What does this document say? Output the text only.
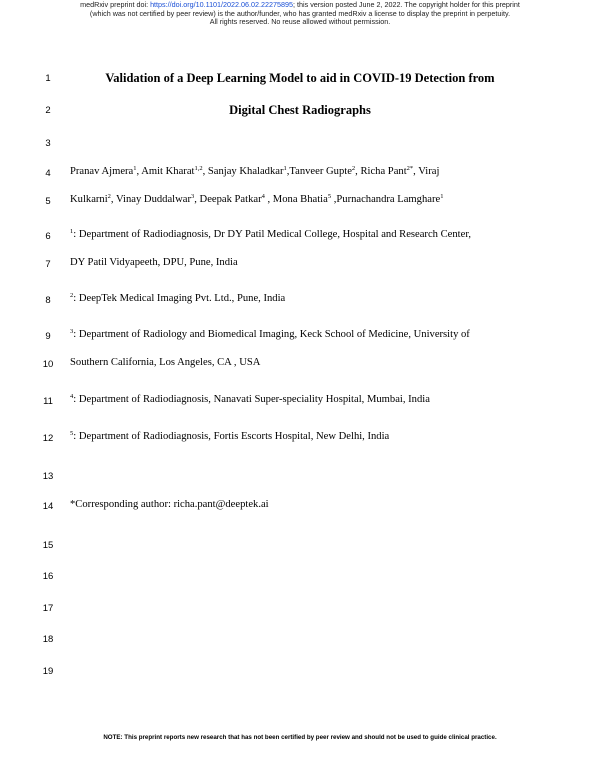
medRxiv preprint doi: https://doi.org/10.1101/2022.06.02.22275895; this version posted June 2, 2022. The copyright holder for this preprint
(which was not certified by peer review) is the author/funder, who has granted medRxiv a license to display the preprint in perpetuity.
All rights reserved. No reuse allowed without permission.
1
2
3
4
5
6
7
8
9
10
11
12
13
14
15
16
17
18
19
Validation of a Deep Learning Model to aid in COVID-19 Detection from
Digital Chest Radiographs
Pranav Ajmera$^1$, Amit Kharat$^{1,2}$, Sanjay Khaladkar$^1$,Tanveer Gupte$^2$, Richa Pant$^{2*}$, Viraj
Kulkarni$^2$, Vinay Duddalwar$^3$, Deepak Patkar$^4$ , Mona Bhatia$^5$ ,Purnachandra Lamghare$^1$
$^1$: Department of Radiodiagnosis, Dr DY Patil Medical College, Hospital and Research Center,
DY Patil Vidyapeeth, DPU, Pune, India
$^2$: DeepTek Medical Imaging Pvt. Ltd., Pune, India
$^3$: Department of Radiology and Biomedical Imaging, Keck School of Medicine, University of
Southern California, Los Angeles, CA , USA
$^4$: Department of Radiodiagnosis, Nanavati Super-speciality Hospital, Mumbai, India
$^5$: Department of Radiodiagnosis, Fortis Escorts Hospital, New Delhi, India
*Corresponding author: richa.pant@deeptek.ai
NOTE: This preprint reports new research that has not been certified by peer review and should not be used to guide clinical practice.
